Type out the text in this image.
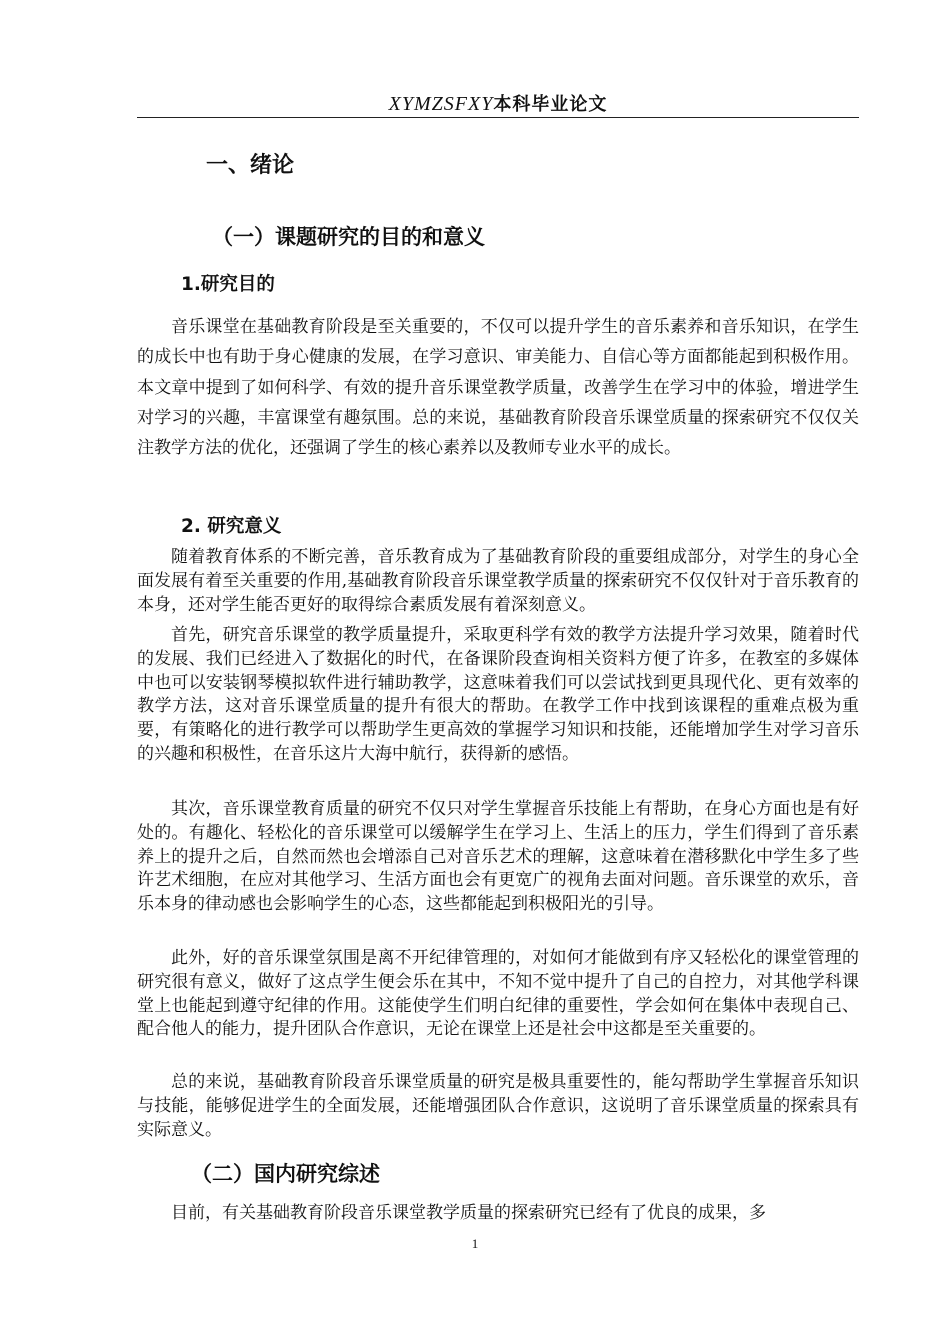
XYMZSFXY本科毕业论文
一、绪论
（一）课题研究的目的和意义
1.研究目的

音乐课堂在基础教育阶段是至关重要的，不仅可以提升学生的音乐素养和音乐知识，在学生的成长中也有助于身心健康的发展，在学习意识、审美能力、自信心等方面都能起到积极作用。本文章中提到了如何科学、有效的提升音乐课堂教学质量，改善学生在学习中的体验，增进学生对学习的兴趣，丰富课堂有趣氛围。总的来说，基础教育阶段音乐课堂质量的探索研究不仅仅关注教学方法的优化，还强调了学生的核心素养以及教师专业水平的成长。

2. 研究意义

随着教育体系的不断完善，音乐教育成为了基础教育阶段的重要组成部分，对学生的身心全面发展有着至关重要的作用,基础教育阶段音乐课堂教学质量的探索研究不仅仅针对于音乐教育的本身，还对学生能否更好的取得综合素质发展有着深刻意义。

首先，研究音乐课堂的教学质量提升，采取更科学有效的教学方法提升学习效果，随着时代的发展、我们已经进入了数据化的时代，在备课阶段查询相关资料方便了许多，在教室的多媒体中也可以安装钢琴模拟软件进行辅助教学，这意味着我们可以尝试找到更具现代化、更有效率的教学方法，这对音乐课堂质量的提升有很大的帮助。在教学工作中找到该课程的重难点极为重要，有策略化的进行教学可以帮助学生更高效的掌握学习知识和技能，还能增加学生对学习音乐的兴趣和积极性，在音乐这片大海中航行，获得新的感悟。

其次，音乐课堂教育质量的研究不仅只对学生掌握音乐技能上有帮助，在身心方面也是有好处的。有趣化、轻松化的音乐课堂可以缓解学生在学习上、生活上的压力，学生们得到了音乐素养上的提升之后，自然而然也会增添自己对音乐艺术的理解，这意味着在潜移默化中学生多了些许艺术细胞，在应对其他学习、生活方面也会有更宽广的视角去面对问题。音乐课堂的欢乐，音乐本身的律动感也会影响学生的心态，这些都能起到积极阳光的引导。

此外，好的音乐课堂氛围是离不开纪律管理的，对如何才能做到有序又轻松化的课堂管理的研究很有意义，做好了这点学生便会乐在其中，不知不觉中提升了自己的自控力，对其他学科课堂上也能起到遵守纪律的作用。这能使学生们明白纪律的重要性，学会如何在集体中表现自己、配合他人的能力，提升团队合作意识，无论在课堂上还是社会中这都是至关重要的。

总的来说，基础教育阶段音乐课堂质量的研究是极具重要性的，能勾帮助学生掌握音乐知识与技能，能够促进学生的全面发展，还能增强团队合作意识，这说明了音乐课堂质量的探索具有实际意义。

（二）国内研究综述

目前，有关基础教育阶段音乐课堂教学质量的探索研究已经有了优良的成果，多

1
